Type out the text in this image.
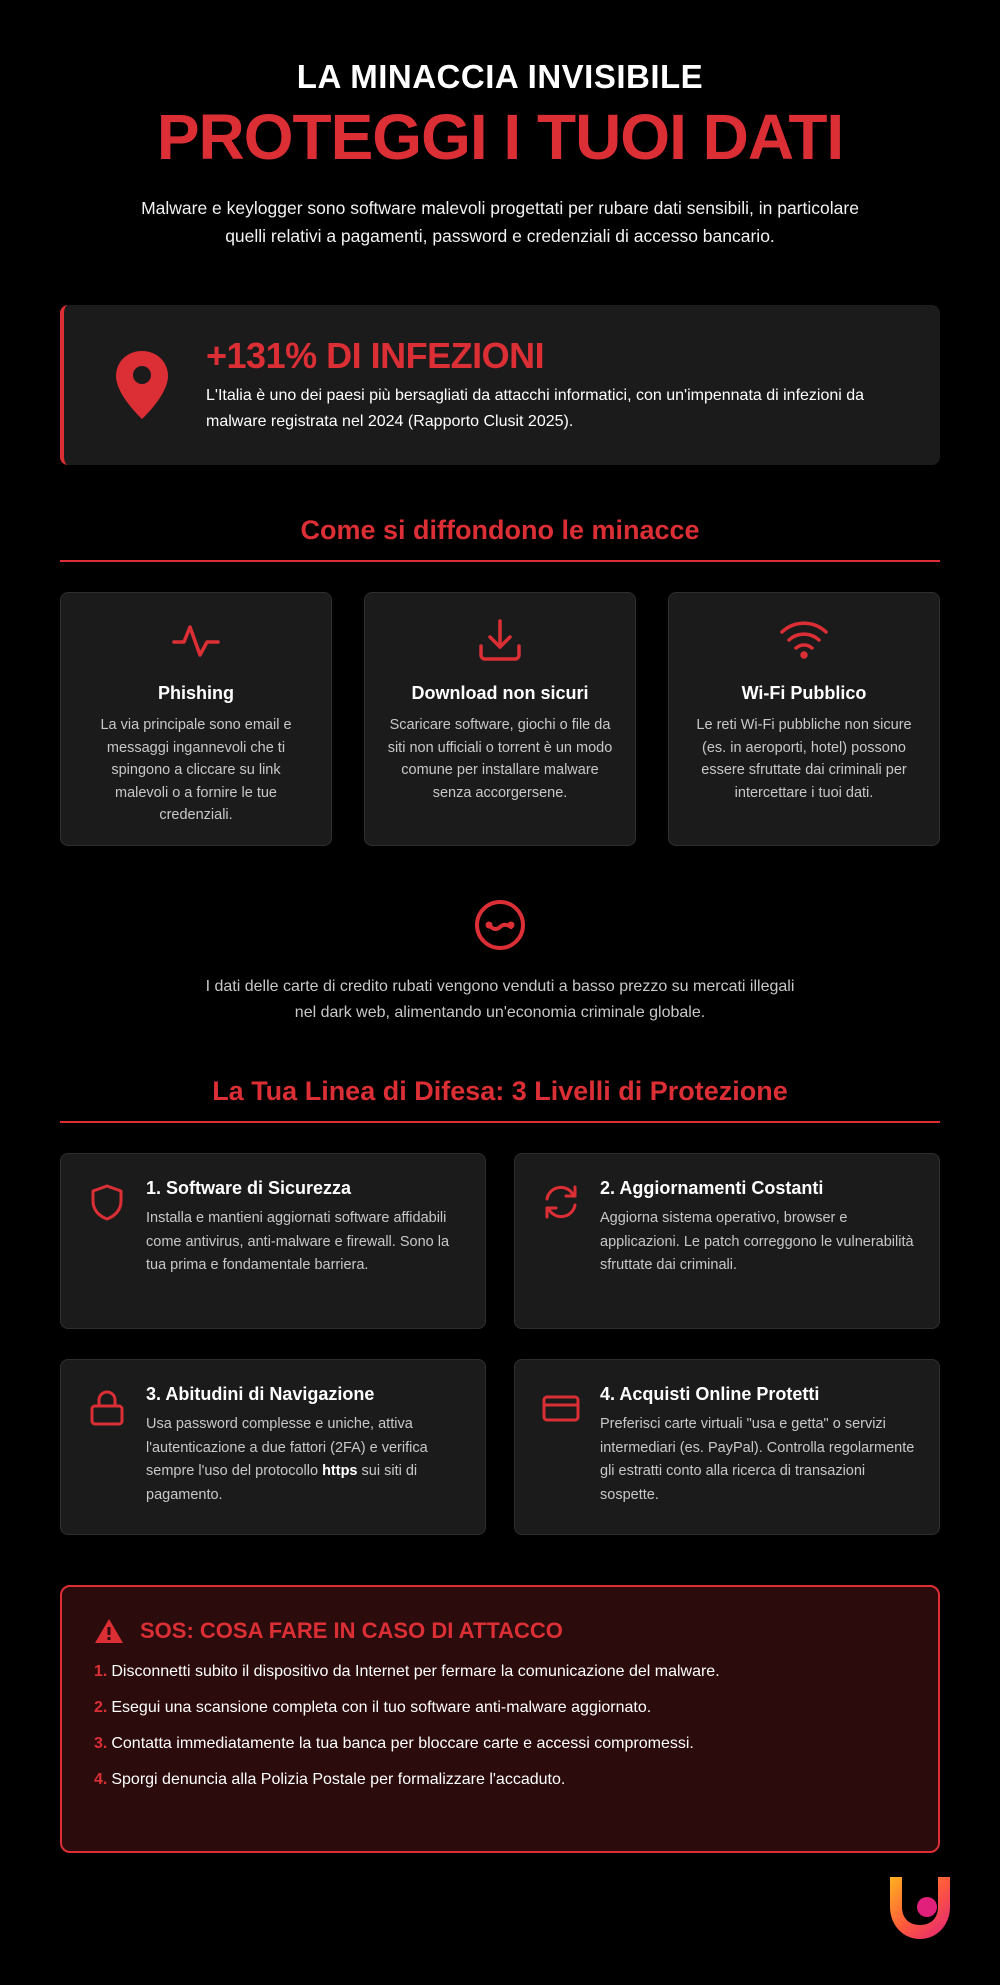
LA MINACCIA INVISIBILE

PROTEGGI I TUOI DATI

Malware e keylogger sono software malevoli progettati per rubare dati sensibili, in particolare quelli relativi a pagamenti, password e credenziali di accesso bancario.

+131% DI INFEZIONI

L'Italia è uno dei paesi più bersagliati da attacchi informatici, con un'impennata di infezioni da malware registrata nel 2024 (Rapporto Clusit 2025).
Come si diffondono le minacce
Phishing

La via principale sono email e messaggi ingannevoli che ti spingono a cliccare su link malevoli o a fornire le tue credenziali.

Download non sicuri

Scaricare software, giochi o file da siti non ufficiali o torrent è un modo comune per installare malware senza accorgersene.

Wi-Fi Pubblico

Le reti Wi-Fi pubbliche non sicure (es. in aeroporti, hotel) possono essere sfruttate dai criminali per intercettare i tuoi dati.

I dati delle carte di credito rubati vengono venduti a basso prezzo su mercati illegali nel dark web, alimentando un'economia criminale globale.

La Tua Linea di Difesa: 3 Livelli di Protezione
1. Software di Sicurezza

Installa e mantieni aggiornati software affidabili come antivirus, anti-malware e firewall. Sono la tua prima e fondamentale barriera.

2. Aggiornamenti Costanti

Aggiorna sistema operativo, browser e applicazioni. Le patch correggono le vulnerabilità sfruttate dai criminali.

3. Abitudini di Navigazione

Usa password complesse e uniche, attiva l'autenticazione a due fattori (2FA) e verifica sempre l'uso del protocollo https sui siti di pagamento.

4. Acquisti Online Protetti

Preferisci carte virtuali "usa e getta" o servizi intermediari (es. PayPal). Controlla regolarmente gli estratti conto alla ricerca di transazioni sospette.

SOS: COSA FARE IN CASO DI ATTACCO
1. Disconnetti subito il dispositivo da Internet per fermare la comunicazione del malware.
2. Esegui una scansione completa con il tuo software anti-malware aggiornato.
3. Contatta immediatamente la tua banca per bloccare carte e accessi compromessi.
4. Sporgi denuncia alla Polizia Postale per formalizzare l'accaduto.
